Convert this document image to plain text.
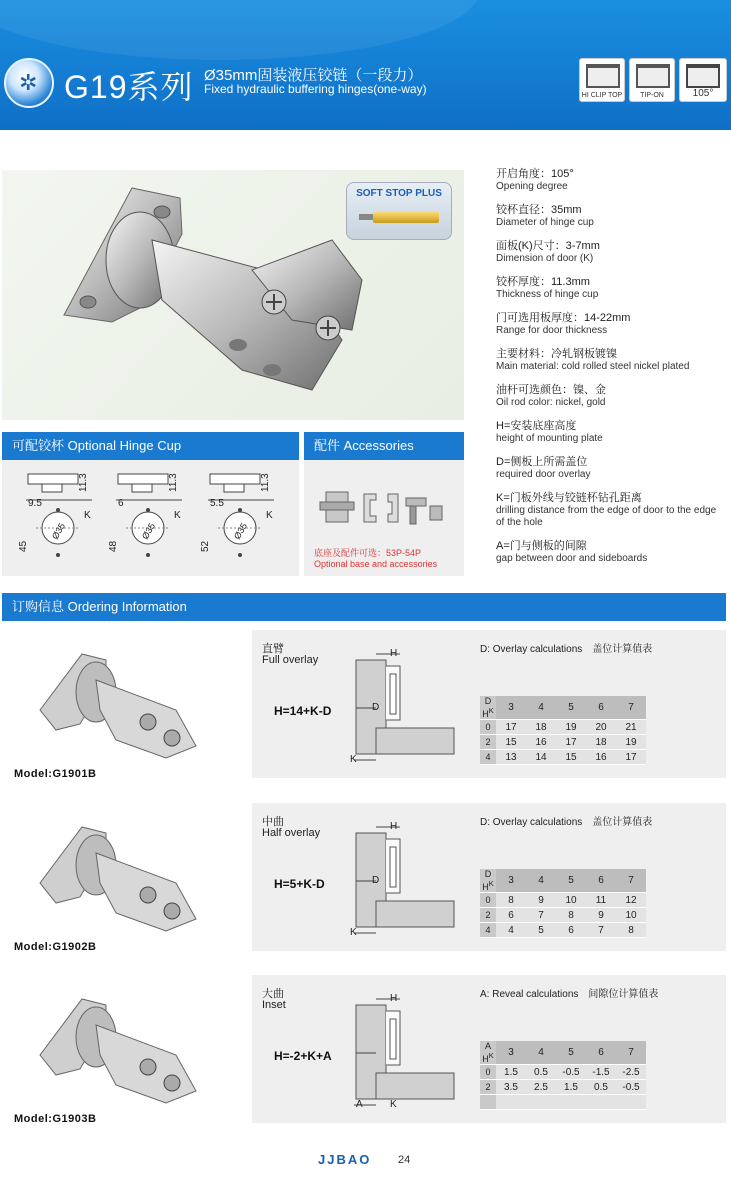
✲ G19系列 Ø35mm固装液压铰链（一段力）
Fixed hydraulic buffering hinges(one-way)	HI CLIP TOP	TIP-ON	105°
SOFT STOP PLUS
开启角度：105°
Opening degree
铰杯直径：35mm
Diameter of hinge cup
面板(K)尺寸：3-7mm
Dimension of door (K)
铰杯厚度：11.3mm
Thickness of hinge cup
门可选用板厚度：14-22mm
Range for door thickness
主要材料：冷轧钢板镀镍
Main material: cold rolled steel nickel plated
油杆可选颜色：镍、金
Oil rod color: nickel, gold
H=安装底座高度
height of mounting plate
D=侧板上所需盖位
required door overlay
K=门板外线与铰链杯钻孔距离
drilling distance from the edge of door to the edge of the hole
A=门与侧板的间隙
gap between door and sideboards
可配铰杯 Optional Hinge Cup	配件 Accessories
9.5
11.3
45
K
Ø35
6
11.3
48
K
Ø35
5.5
11.3
52
K
Ø35
底座及配件可选：53P-54P
Optional base and accessories
订购信息 Ordering Information
Model:G1901B
直臂
Full overlay
H=14+K-D
D: Overlay calculations　盖位计算值表
H
D
K
D
$H^K$	3	4	5	6	7
0	17	18	19	20	21
2	15	16	17	18	19
4	13	14	15	16	17
Model:G1902B
中曲
Half overlay
H=5+K-D
D: Overlay calculations　盖位计算值表
H
D
K
D
$H^K$	3	4	5	6	7
0	8	9	10	11	12
2	6	7	8	9	10
4	4	5	6	7	8
Model:G1903B
大曲
Inset
H=-2+K+A
A: Reveal calculations　间隙位计算值表
H
A	K
A
$H^K$	3	4	5	6	7
0	1.5	0.5	-0.5	-1.5	-2.5
2	3.5	2.5	1.5	0.5	-0.5

JJBAO 24
